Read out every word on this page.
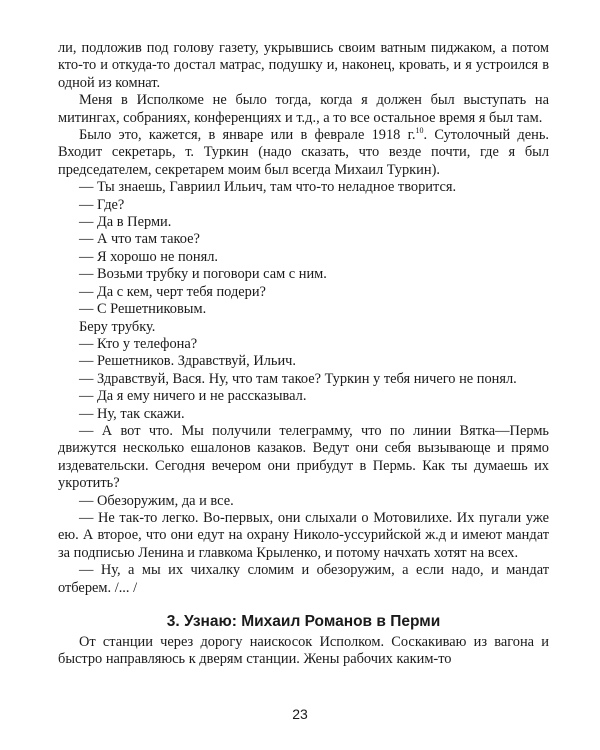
ли, подложив под голову газету, укрывшись своим ватным пиджаком, а потом кто-то и откуда-то достал матрас, подушку и, наконец, кровать, и я устроился в одной из комнат.

Меня в Исполкоме не было тогда, когда я должен был выступать на митингах, собраниях, конференциях и т.д., а то все остальное время я был там.

Было это, кажется, в январе или в феврале 1918 г.$^{10}$. Сутолочный день. Входит секретарь, т. Туркин (надо сказать, что везде почти, где я был председателем, секретарем моим был всегда Михаил Туркин).

— Ты знаешь, Гавриил Ильич, там что-то неладное творится.

— Где?

— Да в Перми.

— А что там такое?

— Я хорошо не понял.

— Возьми трубку и поговори сам с ним.

— Да с кем, черт тебя подери?

— С Решетниковым.

Беру трубку.

— Кто у телефона?

— Решетников. Здравствуй, Ильич.

— Здравствуй, Вася. Ну, что там такое? Туркин у тебя ничего не понял.

— Да я ему ничего и не рассказывал.

— Ну, так скажи.

— А вот что. Мы получили телеграмму, что по линии Вятка—Пермь движутся несколько ешалонов казаков. Ведут они себя вызывающе и прямо издевательски. Сегодня вечером они прибудут в Пермь. Как ты думаешь их укротить?

— Обезоружим, да и все.

— Не так-то легко. Во-первых, они слыхали о Мотовилихе. Их пугали уже ею. А второе, что они едут на охрану Николо-уссурийской ж.д и имеют мандат за подписью Ленина и главкома Крыленко, и потому начхать хотят на всех.

— Ну, а мы их чихалку сломим и обезоружим, а если надо, и мандат отберем. /... /

3. Узнаю: Михаил Романов в Перми

От станции через дорогу наискосок Исполком. Соскакиваю из вагона и быстро направляюсь к дверям станции. Жены рабочих каким-то

23
